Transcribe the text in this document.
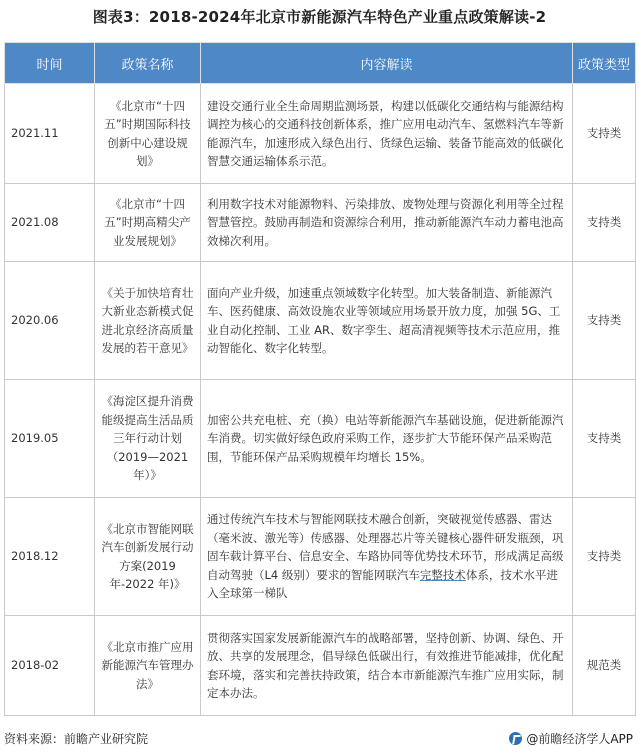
图表3：2018-2024年北京市新能源汽车特色产业重点政策解读-2
时间	政策名称	内容解读	政策类型
2021.11	《北京市“十四五”时期国际科技创新中心建设规划》	建设交通行业全生命周期监测场景，构建以低碳化交通结构与能源结构调控为核心的交通科技创新体系，推广应用电动汽车、氢燃料汽车等新能源汽车，加速形成入绿色出行、货绿色运输、装备节能高效的低碳化智慧交通运输体系示范。	支持类
2021.08	《北京市“十四五”时期高精尖产业发展规划》	利用数字技术对能源物料、污染排放、废物处理与资源化利用等全过程智慧管控。鼓励再制造和资源综合利用，推动新能源汽车动力蓄电池高效梯次利用。	支持类
2020.06	《关于加快培育壮大新业态新模式促进北京经济高质量发展的若干意见》	面向产业升级，加速重点领域数字化转型。加大装备制造、新能源汽车、医药健康、高效设施农业等领域应用场景开放力度，加强 5G、工业自动化控制、工业 AR、数字孪生、超高清视频等技术示范应用，推动智能化、数字化转型。	支持类
2019.05	《海淀区提升消费能级提高生活品质三年行动计划（2019—2021年）》	加密公共充电桩、充（换）电站等新能源汽车基础设施，促进新能源汽车消费。切实做好绿色政府采购工作，逐步扩大节能环保产品采购范围，节能环保产品采购规模年均增长 15%。	支持类
2018.12	《北京市智能网联汽车创新发展行动方案(2019年-2022 年)》	通过传统汽车技术与智能网联技术融合创新，突破视觉传感器、雷达（毫米波、激光等）传感器、处理器芯片等关键核心器件研发瓶颈，巩固车载计算平台、信息安全、车路协同等优势技术环节，形成满足高级自动驾驶（L4 级别）要求的智能网联汽车完整技术体系，技术水平进入全球第一梯队	支持类
2018-02	《北京市推广应用新能源汽车管理办法》	贯彻落实国家发展新能源汽车的战略部署，坚持创新、协调、绿色、开放、共享的发展理念，倡导绿色低碳出行，有效推进节能减排，优化配套环境，落实和完善扶持政策，结合本市新能源汽车推广应用实际，制定本办法。	规范类
资料来源：前瞻产业研究院	@前瞻经济学人APP
